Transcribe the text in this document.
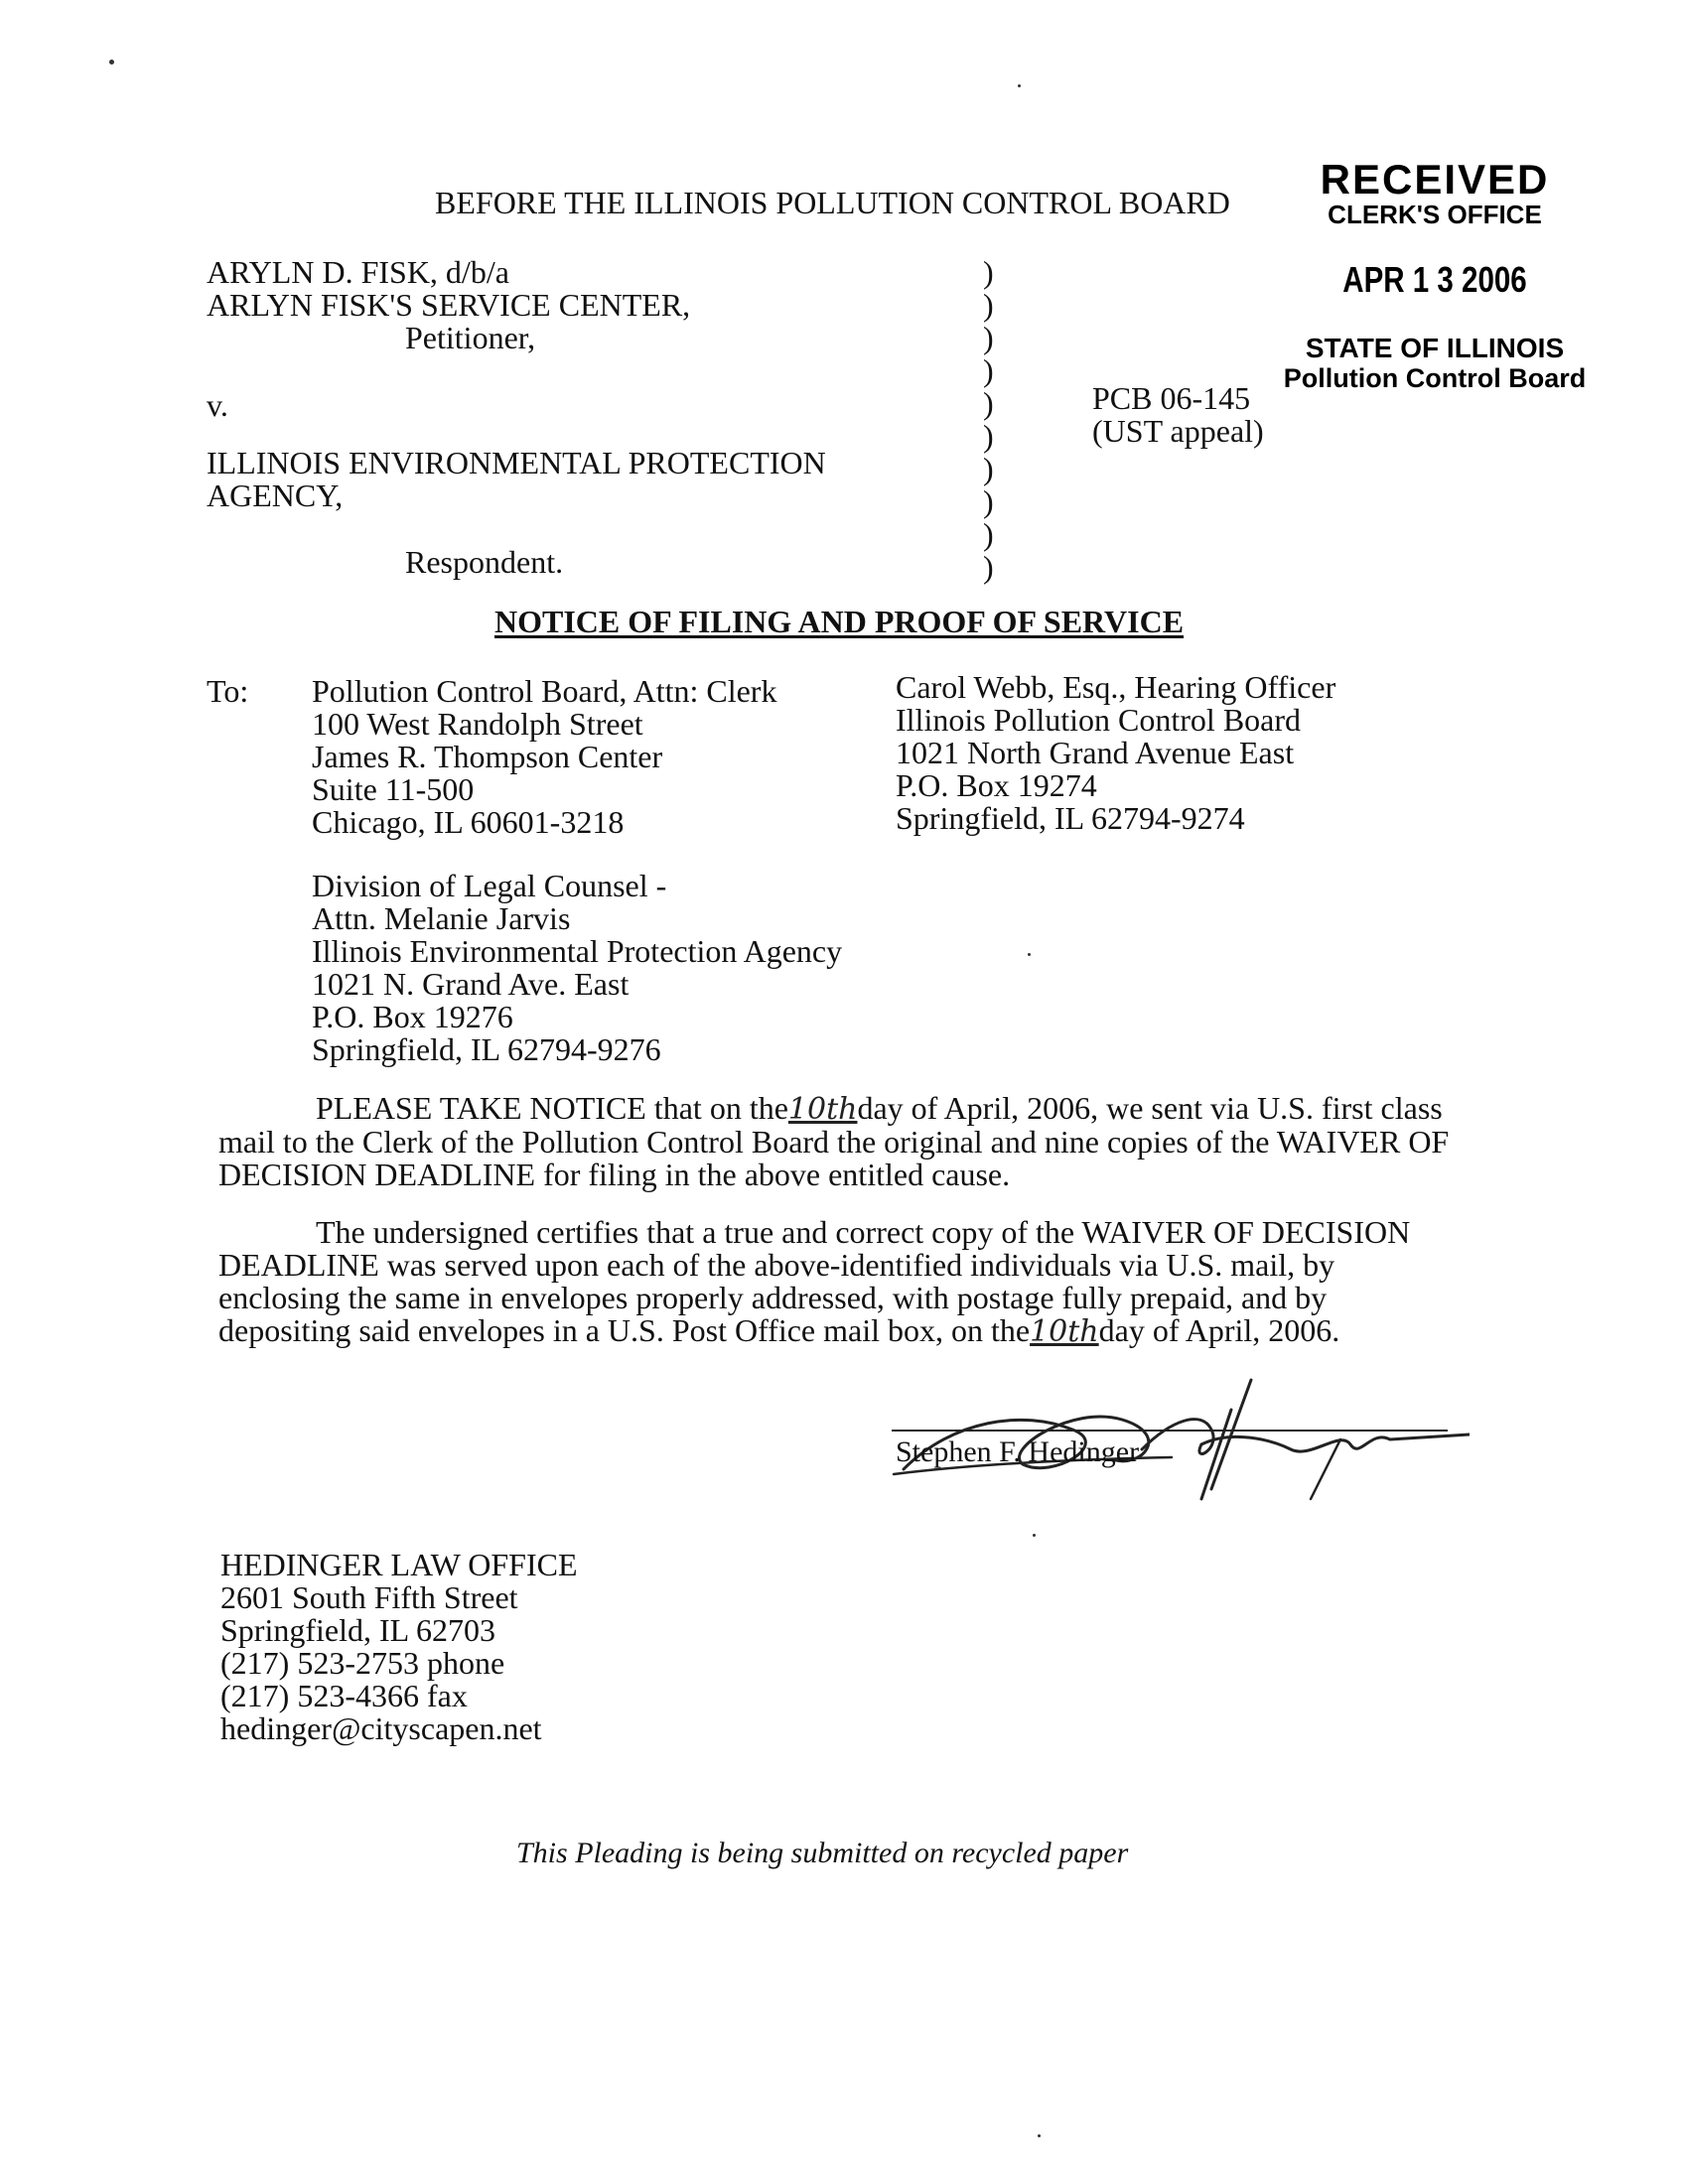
BEFORE THE ILLINOIS POLLUTION CONTROL BOARD	RECEIVED
CLERK'S OFFICE
APR 1 3 2006
STATE OF ILLINOIS
Pollution Control Board
ARYLN D. FISK, d/b/a
ARLYN FISK'S SERVICE CENTER,
Petitioner,
v.
ILLINOIS ENVIRONMENTAL PROTECTION
AGENCY,
Respondent.
)
)
)
)
)
)
)
)
)
)
PCB 06-145
(UST appeal)
NOTICE OF FILING AND PROOF OF SERVICE
To: Pollution Control Board, Attn: Clerk
100 West Randolph Street
James R. Thompson Center
Suite 11-500
Chicago, IL 60601-3218
Carol Webb, Esq., Hearing Officer
Illinois Pollution Control Board
1021 North Grand Avenue East
P.O. Box 19274
Springfield, IL 62794-9274
Division of Legal Counsel -
Attn. Melanie Jarvis
Illinois Environmental Protection Agency
1021 N. Grand Ave. East
P.O. Box 19276
Springfield, IL 62794-9276
PLEASE TAKE NOTICE that on the10thday of April, 2006, we sent via U.S. first class mail to the Clerk of the Pollution Control Board the original and nine copies of the WAIVER OF DECISION DEADLINE for filing in the above entitled cause.
The undersigned certifies that a true and correct copy of the WAIVER OF DECISION DEADLINE was served upon each of the above-identified individuals via U.S. mail, by enclosing the same in envelopes properly addressed, with postage fully prepaid, and by depositing said envelopes in a U.S. Post Office mail box, on the10thday of April, 2006.
Stephen F. Hedinger
HEDINGER LAW OFFICE
2601 South Fifth Street
Springfield, IL 62703
(217) 523-2753 phone
(217) 523-4366 fax
hedinger@cityscapen.net
This Pleading is being submitted on recycled paper
